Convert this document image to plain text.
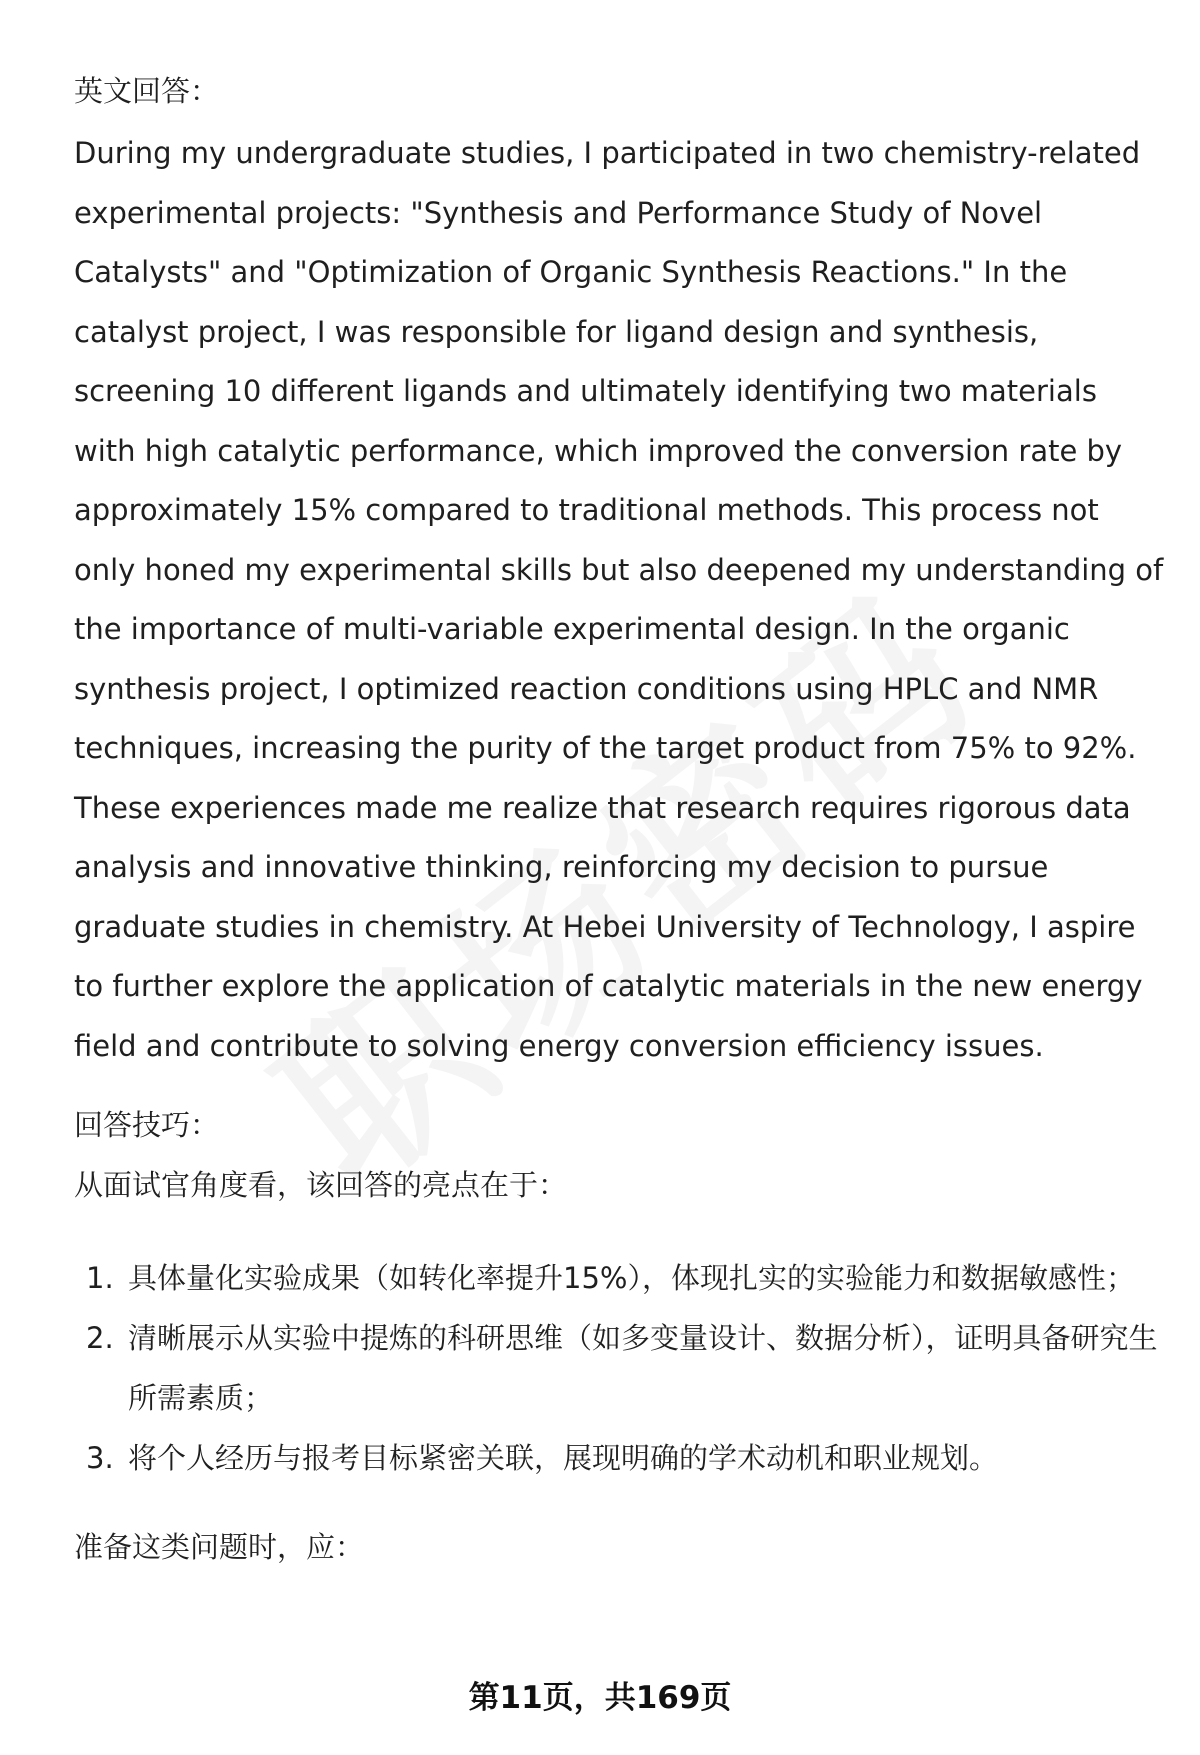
英文回答：

During my undergraduate studies, I participated in two chemistry-related experimental projects: "Synthesis and Performance Study of Novel Catalysts" and "Optimization of Organic Synthesis Reactions." In the catalyst project, I was responsible for ligand design and synthesis, screening 10 different ligands and ultimately identifying two materials with high catalytic performance, which improved the conversion rate by approximately 15% compared to traditional methods. This process not only honed my experimental skills but also deepened my understanding of the importance of multi-variable experimental design. In the organic synthesis project, I optimized reaction conditions using HPLC and NMR techniques, increasing the purity of the target product from 75% to 92%. These experiences made me realize that research requires rigorous data analysis and innovative thinking, reinforcing my decision to pursue graduate studies in chemistry. At Hebei University of Technology, I aspire to further explore the application of catalytic materials in the new energy field and contribute to solving energy conversion efficiency issues.

回答技巧：

从面试官角度看，该回答的亮点在于：

1. 具体量化实验成果（如转化率提升15%），体现扎实的实验能力和数据敏感性；
2. 清晰展示从实验中提炼的科研思维（如多变量设计、数据分析），证明具备研究生所需素质；
3. 将个人经历与报考目标紧密关联，展现明确的学术动机和职业规划。

准备这类问题时，应：

第11页，共169页
